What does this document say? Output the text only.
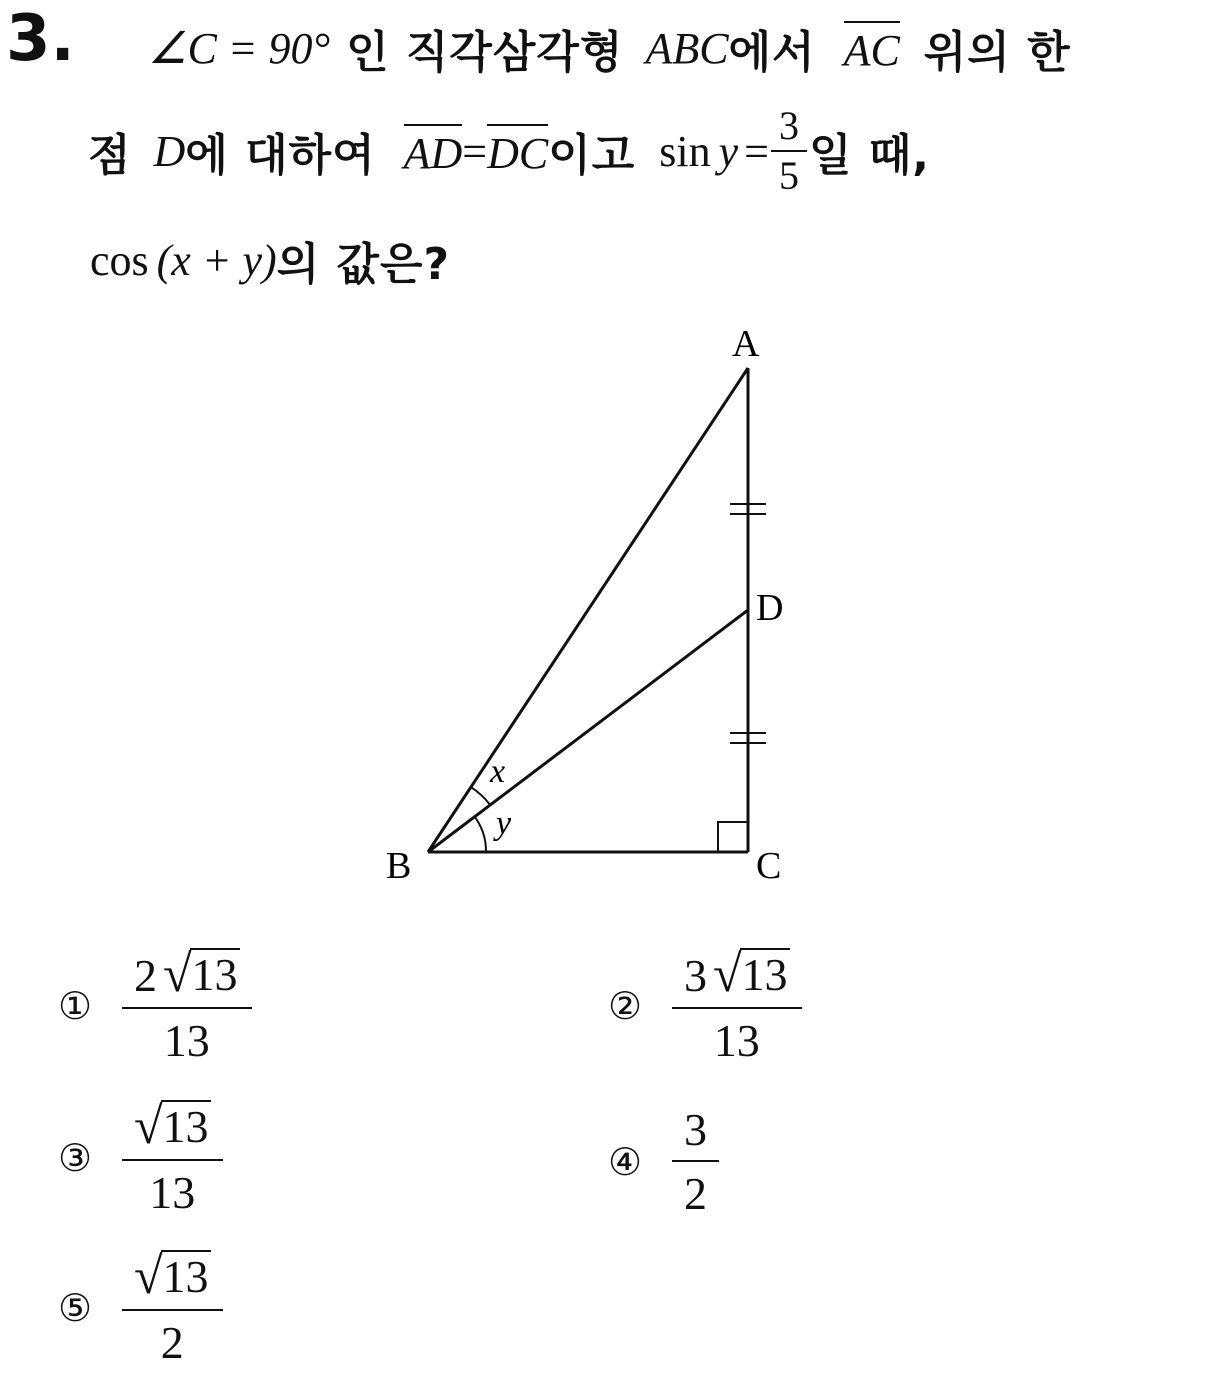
3. ∠C = 90° 인 직각삼각형 ABC 에서 AC 위의 한
점 D 에 대하여 AD = DC 이고 $\sin y = \frac{3}{5}$ 일 때,
cos (x + y) 의 값은?
A
B	C
D
x
y
①
2 √ 13
13
②
3 √ 13
13
③
√ 13
13
④ $\frac{3}{2}$
⑤
√ 13
2
